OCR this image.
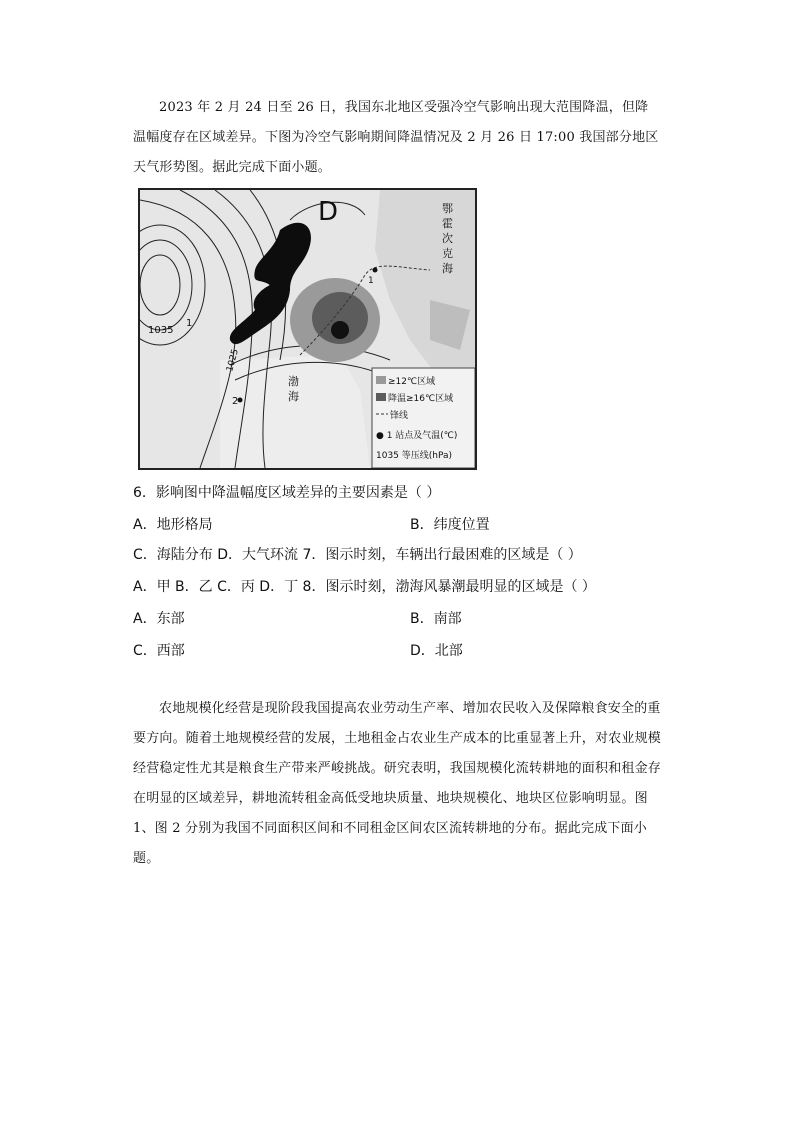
2023 年 2 月 24 日至 26 日，我国东北地区受强冷空气影响出现大范围降温，但降温幅度存在区域差异。下图为冷空气影响期间降温情况及 2 月 26 日 17:00 我国部分地区天气形势图。据此完成下面小题。

D	鄂
霍
次
克
海
渤
海
1035
1025
2
1
1
≥12℃区域
降温≥16℃区域
锋线
● 1 站点及气温(℃)
1035 等压线(hPa)

6．影响图中降温幅度区域差异的主要因素是（ ）

A．地形格局	B．纬度位置

C．海陆分布 D．大气环流 7．图示时刻，车辆出行最困难的区域是（ ）

A．甲 B．乙 C．丙 D．丁 8．图示时刻，渤海风暴潮最明显的区域是（ ）

A．东部	B．南部

C．西部	D．北部

农地规模化经营是现阶段我国提高农业劳动生产率、增加农民收入及保障粮食安全的重要方向。随着土地规模经营的发展，土地租金占农业生产成本的比重显著上升，对农业规模经营稳定性尤其是粮食生产带来严峻挑战。研究表明，我国规模化流转耕地的面积和租金存在明显的区域差异，耕地流转租金高低受地块质量、地块规模化、地块区位影响明显。图 1、图 2 分别为我国不同面积区间和不同租金区间农区流转耕地的分布。据此完成下面小题。
